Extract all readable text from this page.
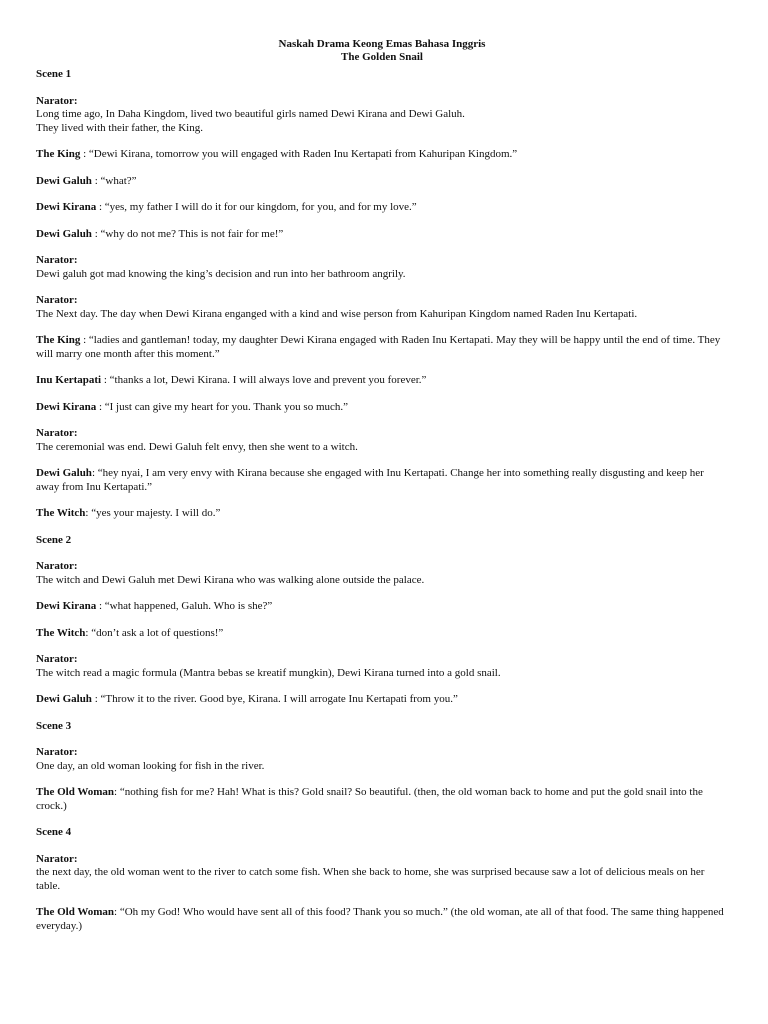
Naskah Drama Keong Emas Bahasa Inggris

The Golden Snail

Scene 1
Narator:
Long time ago, In Daha Kingdom, lived two beautiful girls named Dewi Kirana and Dewi Galuh.
They lived with their father, the King.
The King : “Dewi Kirana, tomorrow you will engaged with Raden Inu Kertapati from Kahuripan Kingdom.”
Dewi Galuh : “what?”
Dewi Kirana : “yes, my father I will do it for our kingdom, for you, and for my love.”
Dewi Galuh : “why do not me? This is not fair for me!”
Narator:
Dewi galuh got mad knowing the king’s decision and run into her bathroom angrily.
Narator:
The Next day. The day when Dewi Kirana enganged with a kind and wise person from Kahuripan Kingdom named Raden Inu Kertapati.
The King : “ladies and gantleman! today, my daughter Dewi Kirana engaged with Raden Inu Kertapati. May they will be happy until the end of time. They will marry one month after this moment.”
Inu Kertapati : “thanks a lot, Dewi Kirana. I will always love and prevent you forever.”
Dewi Kirana : “I just can give my heart for you. Thank you so much.”
Narator:
The ceremonial was end. Dewi Galuh felt envy, then she went to a witch.
Dewi Galuh: “hey nyai, I am very envy with Kirana because she engaged with Inu Kertapati. Change her into something really disgusting and keep her away from Inu Kertapati.”
The Witch: “yes your majesty. I will do.”
Scene 2
Narator:
The witch and Dewi Galuh met Dewi Kirana who was walking alone outside the palace.
Dewi Kirana : “what happened, Galuh. Who is she?”
The Witch: “don’t ask a lot of questions!”
Narator:
The witch read a magic formula (Mantra bebas se kreatif mungkin), Dewi Kirana turned into a gold snail.
Dewi Galuh : “Throw it to the river. Good bye, Kirana. I will arrogate Inu Kertapati from you.”
Scene 3
Narator:
One day, an old woman looking for fish in the river.
The Old Woman: “nothing fish for me? Hah! What is this? Gold snail? So beautiful. (then, the old woman back to home and put the gold snail into the crock.)
Scene 4
Narator:
the next day, the old woman went to the river to catch some fish. When she back to home, she was surprised because saw a lot of delicious meals on her table.
The Old Woman: “Oh my God! Who would have sent all of this food? Thank you so much.” (the old woman, ate all of that food. The same thing happened everyday.)
